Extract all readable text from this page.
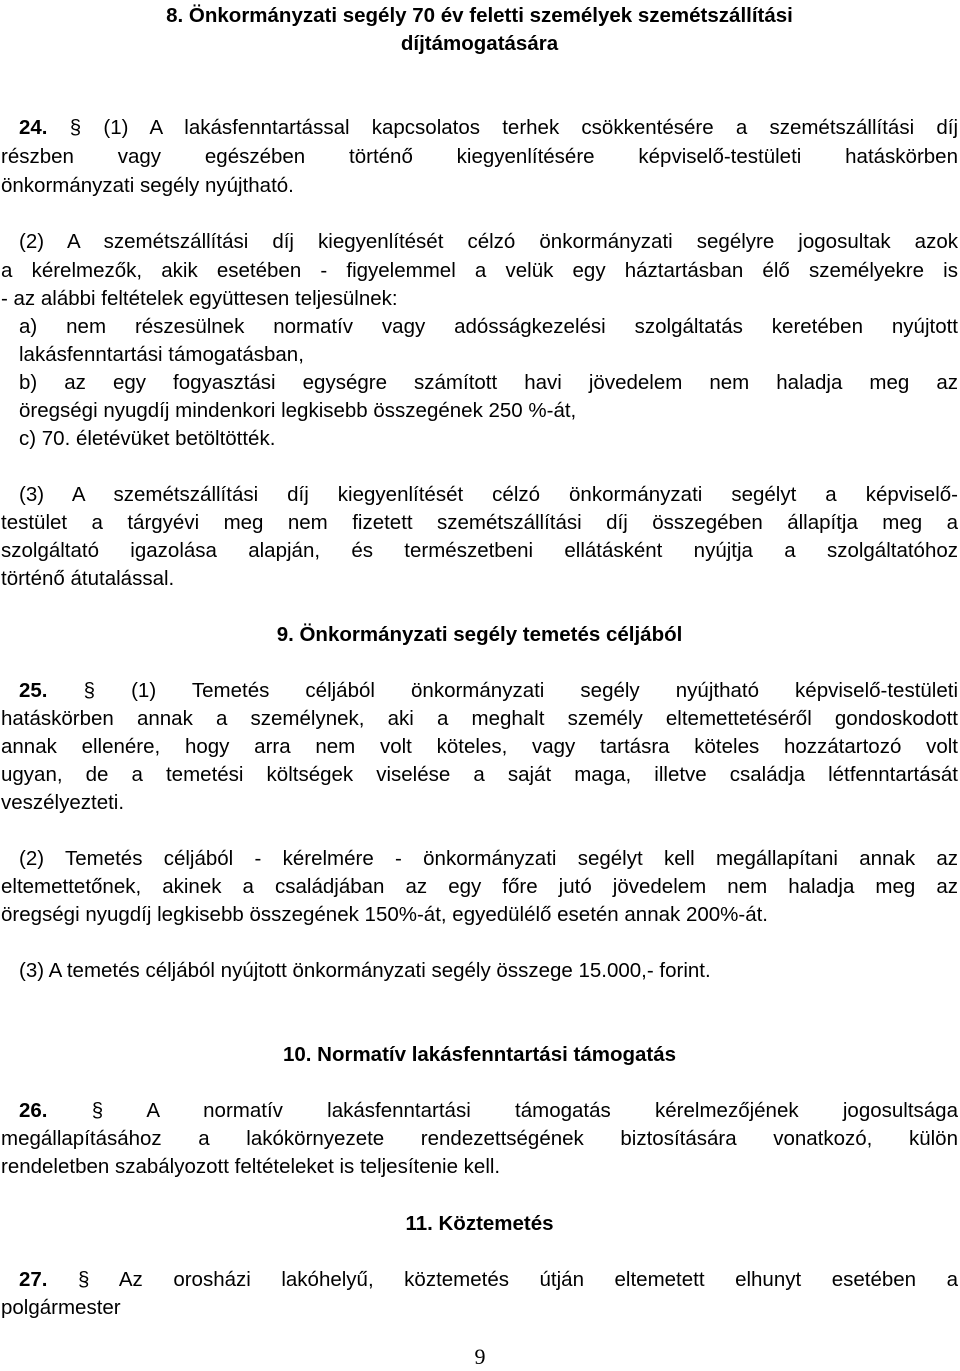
8. Önkormányzati segély 70 év feletti személyek szemétszállítási
díjtámogatására
24. § (1) A lakásfenntartással kapcsolatos terhek csökkentésére a szemétszállítási díj
részben vagy egészében történő kiegyenlítésére képviselő-testületi hatáskörben
önkormányzati segély nyújtható.
(2) A szemétszállítási díj kiegyenlítését célzó önkormányzati segélyre jogosultak azok
a kérelmezők, akik esetében - figyelemmel a velük egy háztartásban élő személyekre is
- az alábbi feltételek együttesen teljesülnek:
a) nem részesülnek normatív vagy adósságkezelési szolgáltatás keretében nyújtott
lakásfenntartási támogatásban,
b) az egy fogyasztási egységre számított havi jövedelem nem haladja meg az
öregségi nyugdíj mindenkori legkisebb összegének 250 %-át,
c) 70. életévüket betöltötték.
(3) A szemétszállítási díj kiegyenlítését célzó önkormányzati segélyt a képviselő-
testület a tárgyévi meg nem fizetett szemétszállítási díj összegében állapítja meg a
szolgáltató igazolása alapján, és természetbeni ellátásként nyújtja a szolgáltatóhoz
történő átutalással.
9. Önkormányzati segély temetés céljából
25. § (1) Temetés céljából önkormányzati segély nyújtható képviselő-testületi
hatáskörben annak a személynek, aki a meghalt személy eltemettetéséről gondoskodott
annak ellenére, hogy arra nem volt köteles, vagy tartásra köteles hozzátartozó volt
ugyan, de a temetési költségek viselése a saját maga, illetve családja létfenntartását
veszélyezteti.
(2) Temetés céljából - kérelmére - önkormányzati segélyt kell megállapítani annak az
eltemettetőnek, akinek a családjában az egy főre jutó jövedelem nem haladja meg az
öregségi nyugdíj legkisebb összegének 150%-át, egyedülélő esetén annak 200%-át.
(3) A temetés céljából nyújtott önkormányzati segély összege 15.000,- forint.
10. Normatív lakásfenntartási támogatás
26. § A normatív lakásfenntartási támogatás kérelmezőjének jogosultsága
megállapításához a lakókörnyezete rendezettségének biztosítására vonatkozó, külön
rendeletben szabályozott feltételeket is teljesítenie kell.
11. Köztemetés
27. § Az orosházi lakóhelyű, köztemetés útján eltemetett elhunyt esetében a
polgármester
9
